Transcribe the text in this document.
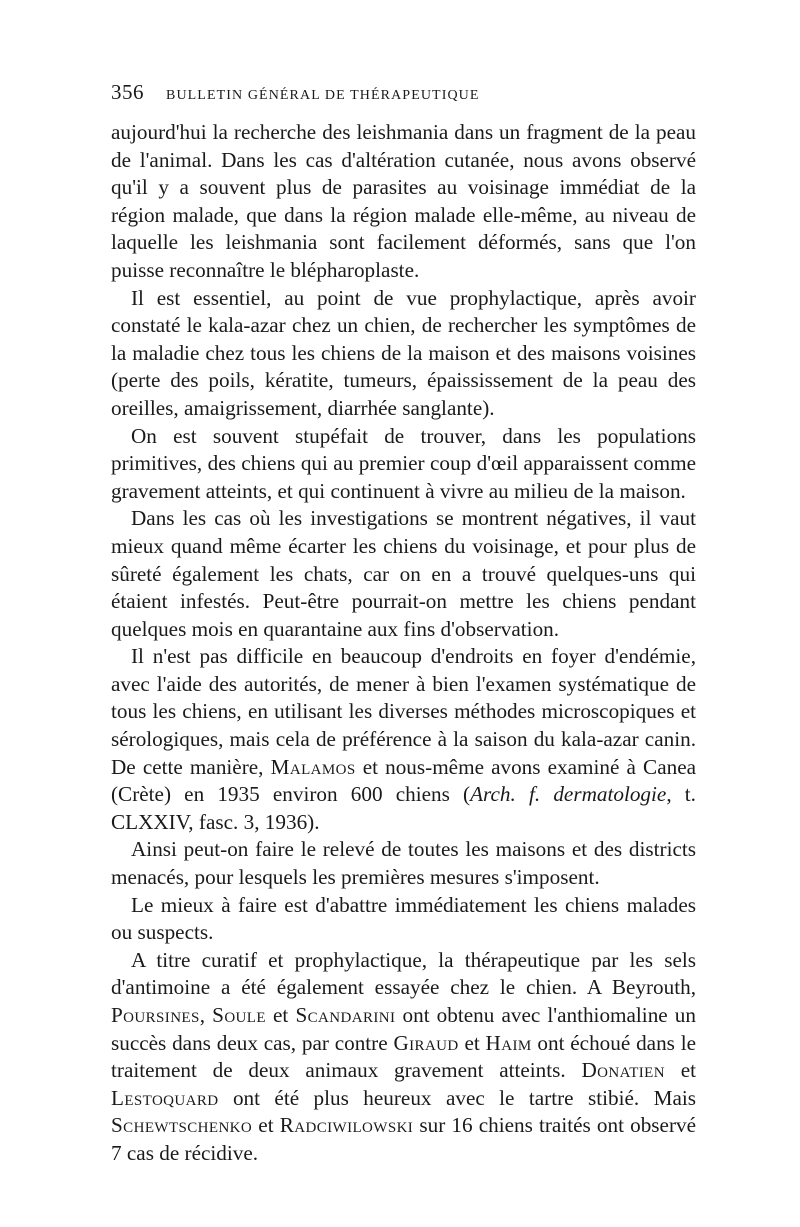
356 BULLETIN GÉNÉRAL DE THÉRAPEUTIQUE

aujourd'hui la recherche des leishmania dans un fragment de la peau de l'animal. Dans les cas d'altération cutanée, nous avons observé qu'il y a souvent plus de parasites au voisinage immédiat de la région malade, que dans la région malade elle-même, au niveau de laquelle les leishmania sont facilement déformés, sans que l'on puisse reconnaître le blépharoplaste.

Il est essentiel, au point de vue prophylactique, après avoir constaté le kala-azar chez un chien, de rechercher les symptômes de la maladie chez tous les chiens de la maison et des maisons voisines (perte des poils, kératite, tumeurs, épaississement de la peau des oreilles, amaigrissement, diarrhée sanglante).

On est souvent stupéfait de trouver, dans les populations primitives, des chiens qui au premier coup d'œil apparaissent comme gravement atteints, et qui continuent à vivre au milieu de la maison.

Dans les cas où les investigations se montrent négatives, il vaut mieux quand même écarter les chiens du voisinage, et pour plus de sûreté également les chats, car on en a trouvé quelques-uns qui étaient infestés. Peut-être pourrait-on mettre les chiens pendant quelques mois en quarantaine aux fins d'observation.

Il n'est pas difficile en beaucoup d'endroits en foyer d'endémie, avec l'aide des autorités, de mener à bien l'examen systématique de tous les chiens, en utilisant les diverses méthodes microscopiques et sérologiques, mais cela de préférence à la saison du kala-azar canin. De cette manière, Malamos et nous-même avons examiné à Canea (Crète) en 1935 environ 600 chiens (Arch. f. dermatologie, t. CLXXIV, fasc. 3, 1936).

Ainsi peut-on faire le relevé de toutes les maisons et des districts menacés, pour lesquels les premières mesures s'imposent.

Le mieux à faire est d'abattre immédiatement les chiens malades ou suspects.

A titre curatif et prophylactique, la thérapeutique par les sels d'antimoine a été également essayée chez le chien. A Beyrouth, Poursines, Soule et Scandarini ont obtenu avec l'anthiomaline un succès dans deux cas, par contre Giraud et Haim ont échoué dans le traitement de deux animaux gravement atteints. Donatien et Lestoquard ont été plus heureux avec le tartre stibié. Mais Schewtschenko et Radciwilowski sur 16 chiens traités ont observé 7 cas de récidive.
